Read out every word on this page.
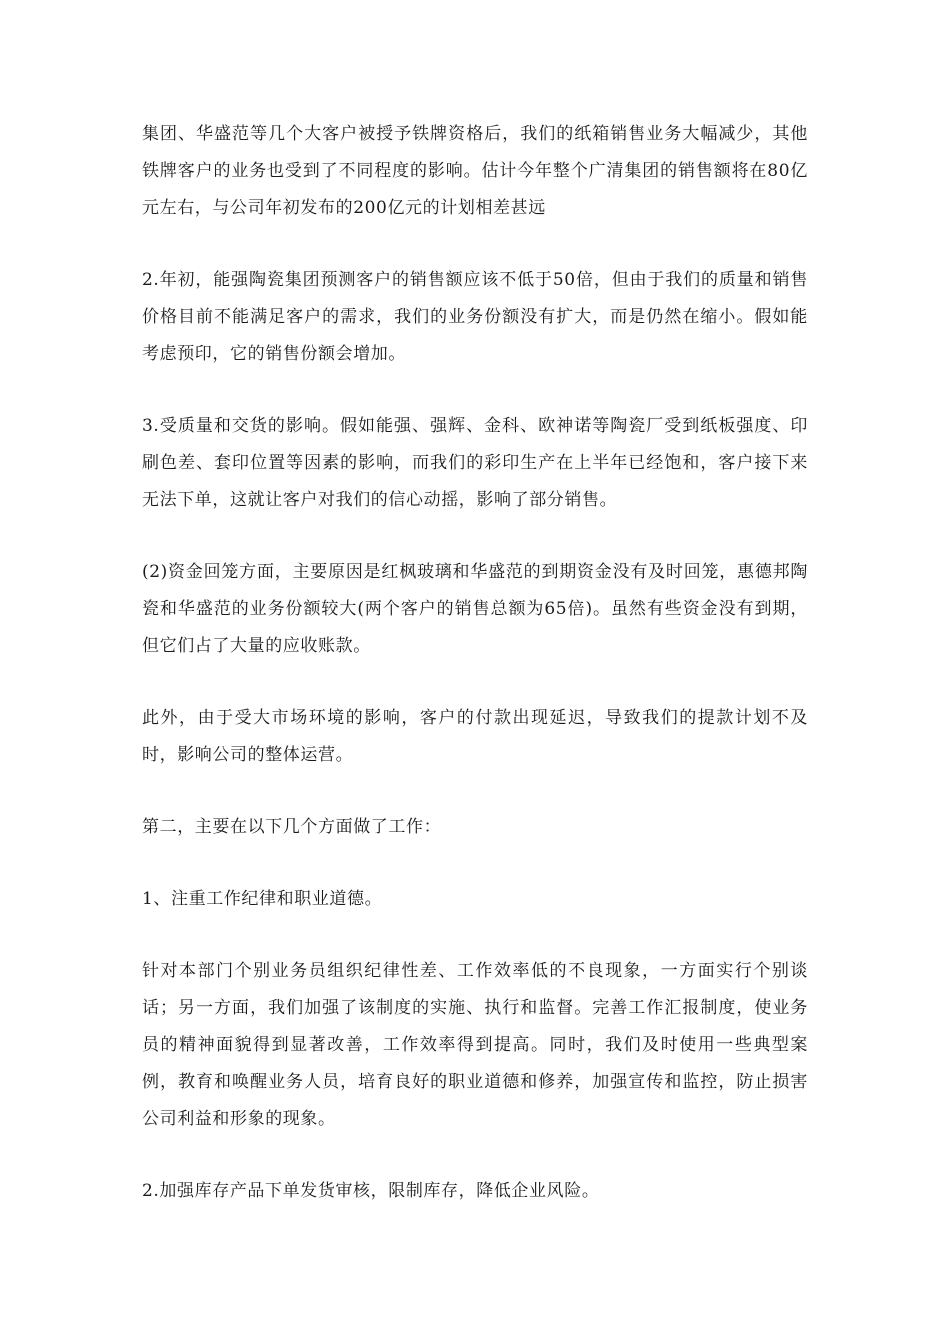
集团、华盛范等几个大客户被授予铁牌资格后，我们的纸箱销售业务大幅减少，其他铁牌客户的业务也受到了不同程度的影响。估计今年整个广清集团的销售额将在80亿元左右，与公司年初发布的200亿元的计划相差甚远

2.年初，能强陶瓷集团预测客户的销售额应该不低于50倍，但由于我们的质量和销售价格目前不能满足客户的需求，我们的业务份额没有扩大，而是仍然在缩小。假如能考虑预印，它的销售份额会增加。

3.受质量和交货的影响。假如能强、强辉、金科、欧神诺等陶瓷厂受到纸板强度、印刷色差、套印位置等因素的影响，而我们的彩印生产在上半年已经饱和，客户接下来无法下单，这就让客户对我们的信心动摇，影响了部分销售。

(2)资金回笼方面，主要原因是红枫玻璃和华盛范的到期资金没有及时回笼，惠德邦陶瓷和华盛范的业务份额较大(两个客户的销售总额为65倍)。虽然有些资金没有到期，但它们占了大量的应收账款。

此外，由于受大市场环境的影响，客户的付款出现延迟，导致我们的提款计划不及时，影响公司的整体运营。

第二，主要在以下几个方面做了工作：

1、注重工作纪律和职业道德。

针对本部门个别业务员组织纪律性差、工作效率低的不良现象，一方面实行个别谈话；另一方面，我们加强了该制度的实施、执行和监督。完善工作汇报制度，使业务员的精神面貌得到显著改善，工作效率得到提高。同时，我们及时使用一些典型案例，教育和唤醒业务人员，培育良好的职业道德和修养，加强宣传和监控，防止损害公司利益和形象的现象。

2.加强库存产品下单发货审核，限制库存，降低企业风险。
